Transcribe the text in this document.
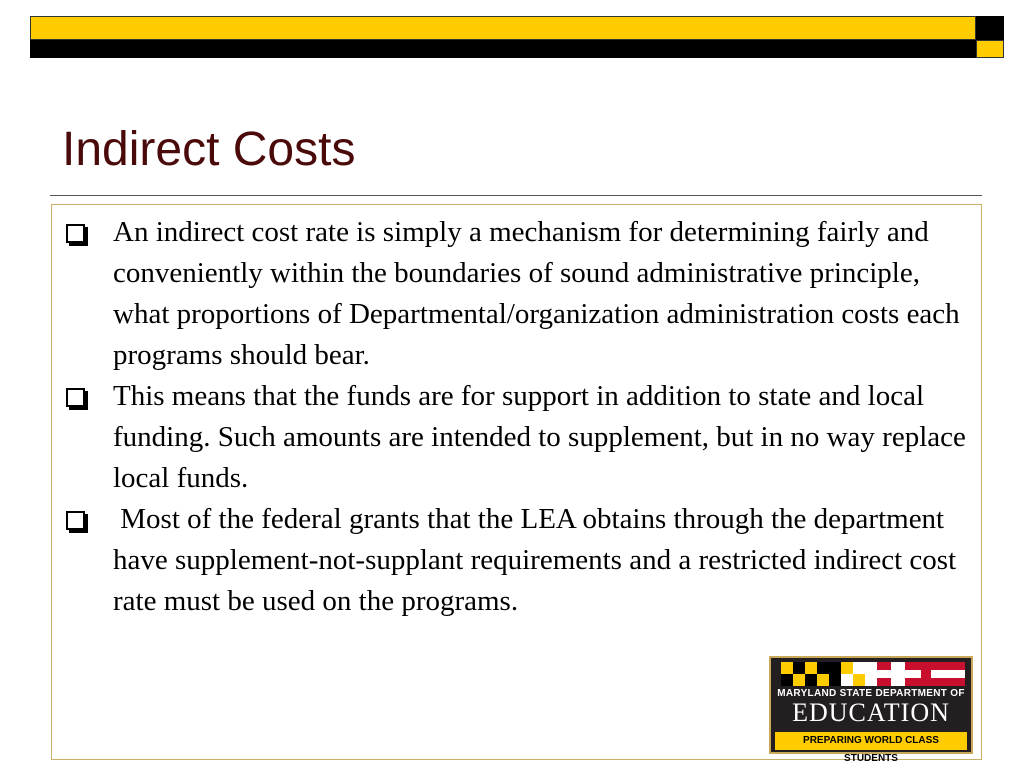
Indirect Costs
An indirect cost rate is simply a mechanism for determining fairly and conveniently within the boundaries of sound administrative principle, what proportions of Departmental/organization administration costs each programs should bear.
This means that the funds are for support in addition to state and local funding. Such amounts are intended to supplement, but in no way replace local funds.
Most of the federal grants that the LEA obtains through the department have supplement-not-supplant requirements and a restricted indirect cost rate must be used on the programs.
MARYLAND STATE DEPARTMENT OF
EDUCATION
PREPARING WORLD CLASS STUDENTS
